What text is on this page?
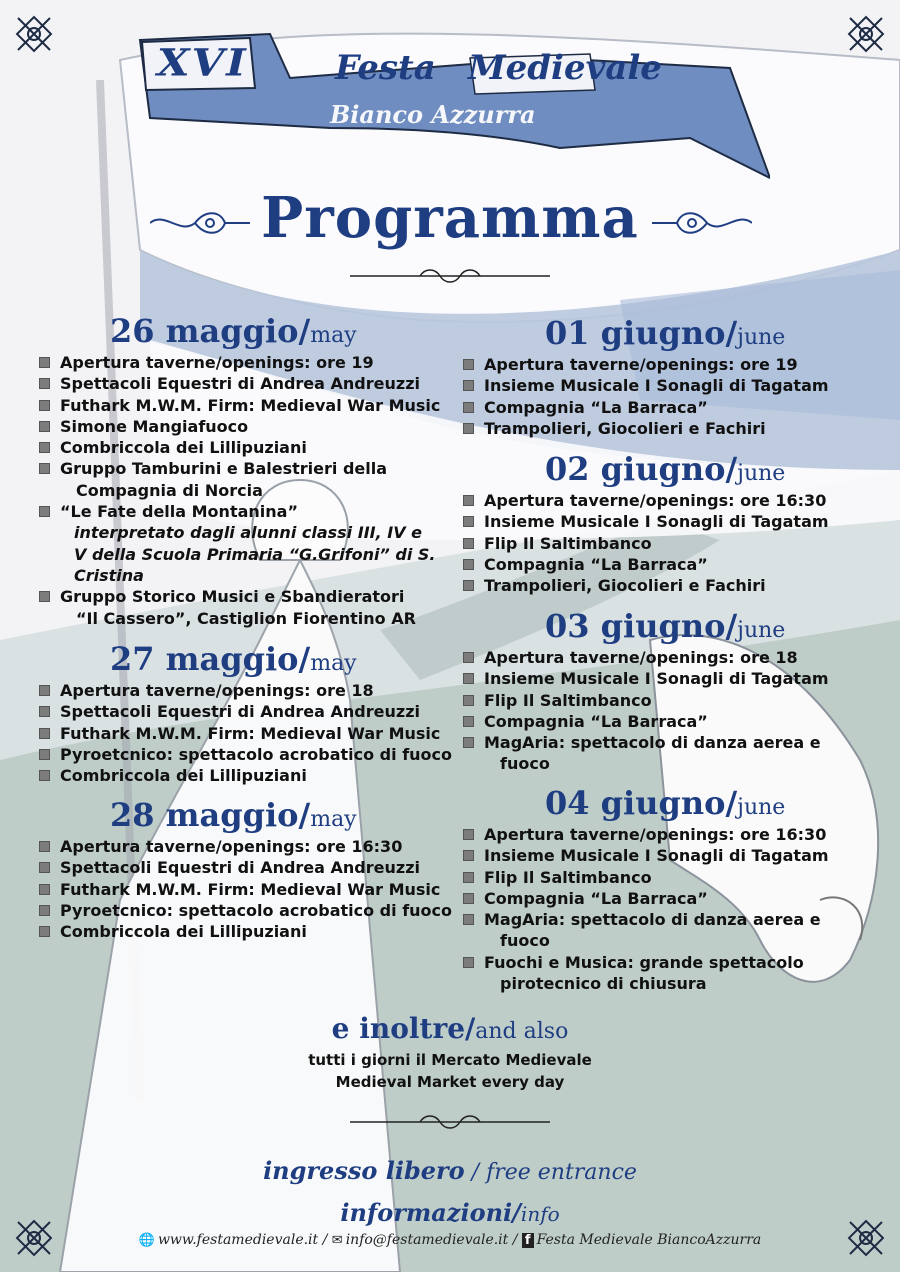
XVI	Festa Medievale
Bianco Azzurra
Programma
26 maggio/may
Apertura taverne/openings: ore 19
Spettacoli Equestri di Andrea Andreuzzi
Futhark M.W.M. Firm: Medieval War Music
Simone Mangiafuoco
Combriccola dei Lillipuziani
Gruppo Tamburini e Balestrieri della
Compagnia di Norcia
“Le Fate della Montanina”
interpretato dagli alunni classi III, IV e
V della Scuola Primaria “G.Grifoni” di S.
Cristina
Gruppo Storico Musici e Sbandieratori
“Il Cassero”, Castiglion Fiorentino AR
27 maggio/may
Apertura taverne/openings: ore 18
Spettacoli Equestri di Andrea Andreuzzi
Futhark M.W.M. Firm: Medieval War Music
Pyroetcnico: spettacolo acrobatico di fuoco
Combriccola dei Lillipuziani
28 maggio/may
Apertura taverne/openings: ore 16:30
Spettacoli Equestri di Andrea Andreuzzi
Futhark M.W.M. Firm: Medieval War Music
Pyroetcnico: spettacolo acrobatico di fuoco
Combriccola dei Lillipuziani
01 giugno/june
Apertura taverne/openings: ore 19
Insieme Musicale I Sonagli di Tagatam
Compagnia “La Barraca”
Trampolieri, Giocolieri e Fachiri
02 giugno/june
Apertura taverne/openings: ore 16:30
Insieme Musicale I Sonagli di Tagatam
Flip Il Saltimbanco
Compagnia “La Barraca”
Trampolieri, Giocolieri e Fachiri
03 giugno/june
Apertura taverne/openings: ore 18
Insieme Musicale I Sonagli di Tagatam
Flip Il Saltimbanco
Compagnia “La Barraca”
MagAria: spettacolo di danza aerea e
fuoco
04 giugno/june
Apertura taverne/openings: ore 16:30
Insieme Musicale I Sonagli di Tagatam
Flip Il Saltimbanco
Compagnia “La Barraca”
MagAria: spettacolo di danza aerea e
fuoco
Fuochi e Musica: grande spettacolo
pirotecnico di chiusura
e inoltre/and also
tutti i giorni il Mercato Medievale
Medieval Market every day
ingresso libero / free entrance
informazioni/info
🌐 www.festamedievale.it / ✉ info@festamedievale.it / f Festa Medievale BiancoAzzurra
